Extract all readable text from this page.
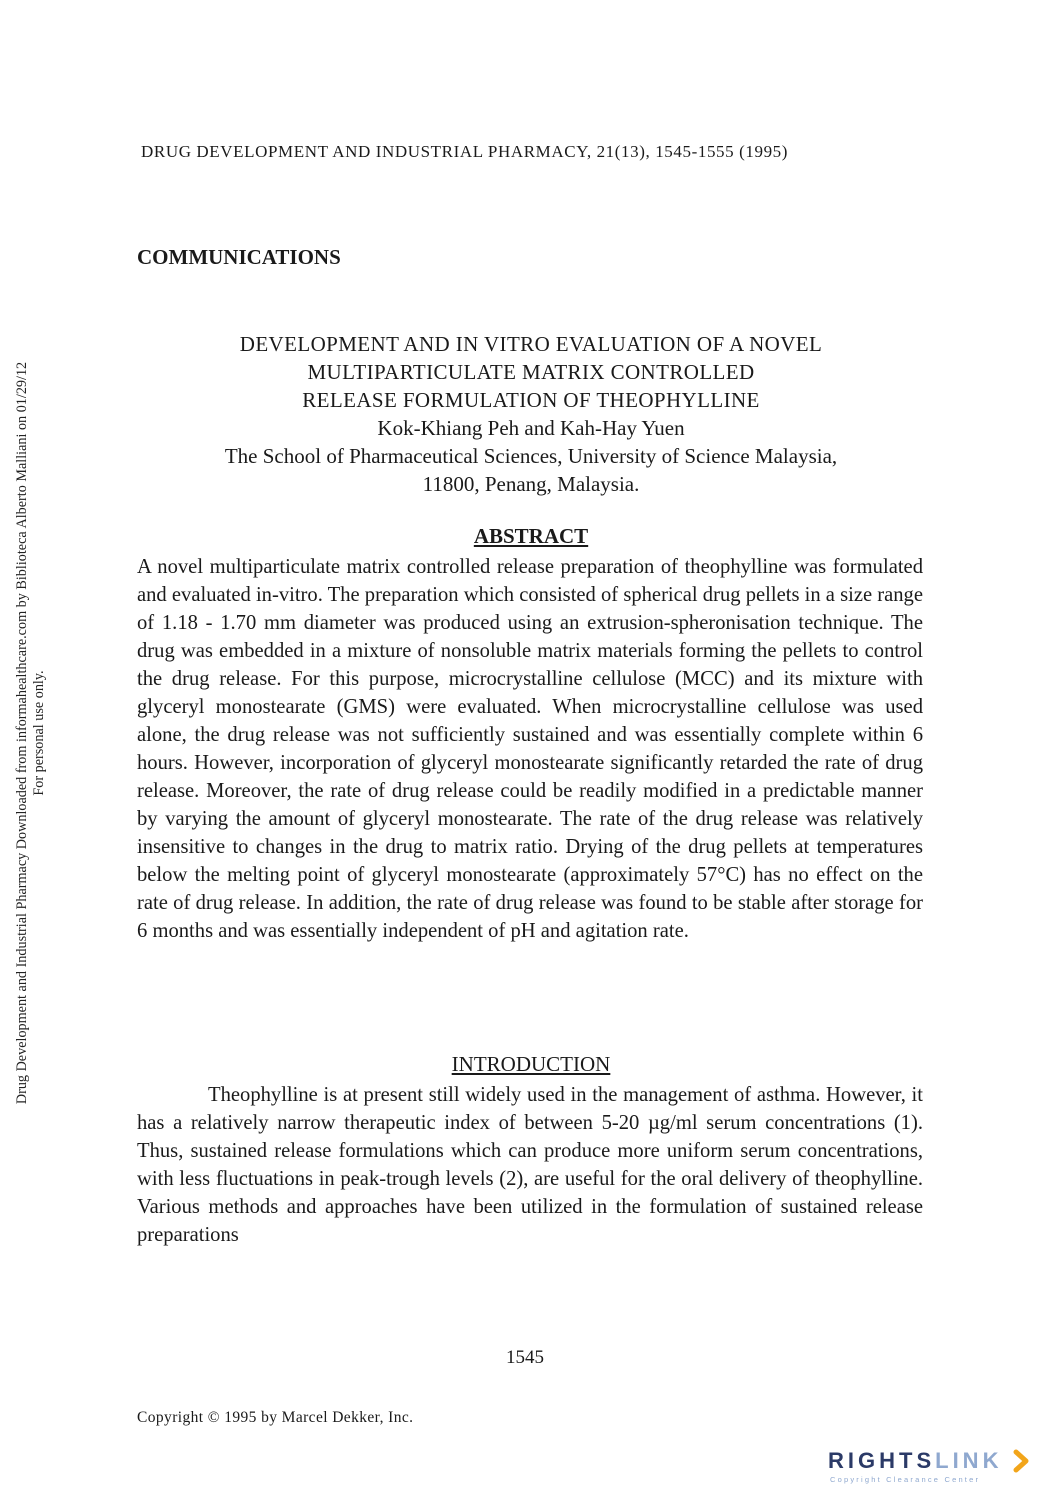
DRUG DEVELOPMENT AND INDUSTRIAL PHARMACY, 21(13), 1545-1555 (1995)
COMMUNICATIONS
DEVELOPMENT AND IN VITRO EVALUATION OF A NOVEL
MULTIPARTICULATE MATRIX CONTROLLED
RELEASE FORMULATION OF THEOPHYLLINE
Kok-Khiang Peh and Kah-Hay Yuen
The School of Pharmaceutical Sciences, University of Science Malaysia,
11800, Penang, Malaysia.
ABSTRACT
A novel multiparticulate matrix controlled release preparation of theophylline was formulated and evaluated in-vitro. The preparation which consisted of spherical drug pellets in a size range of 1.18 - 1.70 mm diameter was produced using an extrusion-spheronisation technique. The drug was embedded in a mixture of nonsoluble matrix materials forming the pellets to control the drug release. For this purpose, microcrystalline cellulose (MCC) and its mixture with glyceryl monostearate (GMS) were evaluated. When microcrystalline cellulose was used alone, the drug release was not sufficiently sustained and was essentially complete within 6 hours. However, incorporation of glyceryl monostearate significantly retarded the rate of drug release. Moreover, the rate of drug release could be readily modified in a predictable manner by varying the amount of glyceryl monostearate. The rate of the drug release was relatively insensitive to changes in the drug to matrix ratio. Drying of the drug pellets at temperatures below the melting point of glyceryl monostearate (approximately 57°C) has no effect on the rate of drug release. In addition, the rate of drug release was found to be stable after storage for 6 months and was essentially independent of pH and agitation rate.
INTRODUCTION
Theophylline is at present still widely used in the management of asthma. However, it has a relatively narrow therapeutic index of between 5-20 µg/ml serum concentrations (1). Thus, sustained release formulations which can produce more uniform serum concentrations, with less fluctuations in peak-trough levels (2), are useful for the oral delivery of theophylline. Various methods and approaches have been utilized in the formulation of sustained release preparations
1545
Copyright © 1995 by Marcel Dekker, Inc.
Drug Development and Industrial Pharmacy Downloaded from informahealthcare.com by Biblioteca Alberto Malliani on 01/29/12 For personal use only.
RIGHTSLINK
Copyright Clearance Center
